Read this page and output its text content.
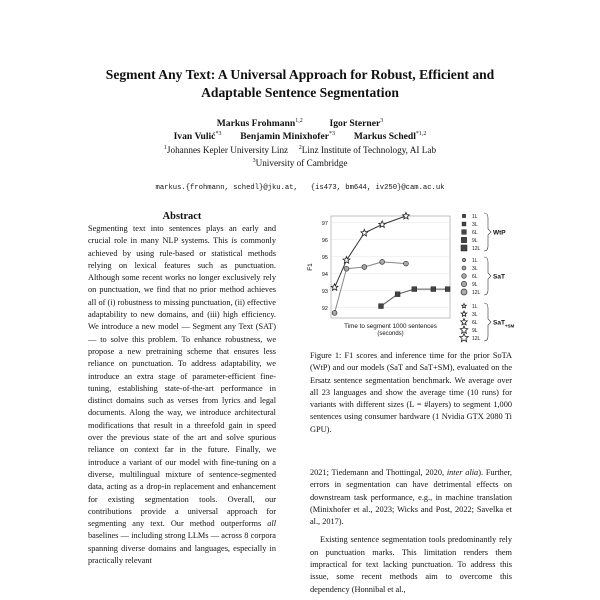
Segment Any Text: A Universal Approach for Robust, Efficient and
Adaptable Sentence Segmentation
Markus Frohmann$^{1,2}$	Igor Sterner$^3$
Ivan Vulić$^{*3}$ Benjamin Minixhofer$^{*3}$ Markus Schedl$^{*1,2}$
$^1$Johannes Kepler University Linz $^2$Linz Institute of Technology, AI Lab
$^3$University of Cambridge
markus.{frohmann, schedl}@jku.at,   {is473, bm644, iv250}@cam.ac.uk
Abstract

Segmenting text into sentences plays an early and crucial role in many NLP systems. This is commonly achieved by using rule-based or statistical methods relying on lexical features such as punctuation. Although some recent works no longer exclusively rely on punctuation, we find that no prior method achieves all of (i) robustness to missing punctuation, (ii) effective adaptability to new domains, and (iii) high efficiency. We introduce a new model — Segment any Text (SAT) — to solve this problem. To enhance robustness, we propose a new pretraining scheme that ensures less reliance on punctuation. To address adaptability, we introduce an extra stage of parameter-efficient fine-tuning, establishing state-of-the-art performance in distinct domains such as verses from lyrics and legal documents. Along the way, we introduce architectural modifications that result in a threefold gain in speed over the previous state of the art and solve spurious reliance on context far in the future. Finally, we introduce a variant of our model with fine-tuning on a diverse, multilingual mixture of sentence-segmented data, acting as a drop-in replacement and enhancement for existing segmentation tools. Overall, our contributions provide a universal approach for segmenting any text. Our method outperforms all baselines — including strong LLMs — across 8 corpora spanning diverse domains and languages, especially in practically relevant

92
93
94
95
96
97
F1
Time to segment 1000 sentences
(seconds)
1L
3L
6L
9L
12L
WtP
1L
3L
6L
9L
12L
SaT
1L
3L
6L
9L
12L
SaT$_{+SM}$
Figure 1: F1 scores and inference time for the prior SoTA (WtP) and our models (SaT and SaT+SM), evaluated on the Ersatz sentence segmentation benchmark. We average over all 23 languages and show the average time (10 runs) for variants with different sizes (L = #layers) to segment 1,000 sentences using consumer hardware (1 Nvidia GTX 2080 Ti GPU).

2021; Tiedemann and Thottingal, 2020, inter alia). Further, errors in segmentation can have detrimental effects on downstream task performance, e.g., in machine translation (Minixhofer et al., 2023; Wicks and Post, 2022; Savelka et al., 2017).

Existing sentence segmentation tools predominantly rely on punctuation marks. This limitation renders them impractical for text lacking punctuation. To address this issue, some recent methods aim to overcome this dependency (Honnibal et al.,
